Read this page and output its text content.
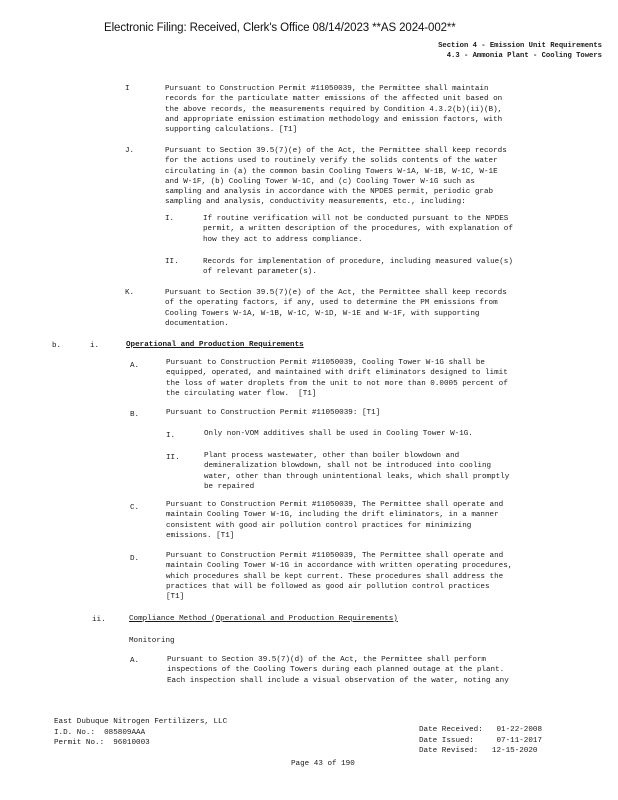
Electronic Filing: Received, Clerk's Office 08/14/2023 **AS 2024-002**
Section 4 - Emission Unit Requirements
4.3 - Ammonia Plant - Cooling Towers
I	Pursuant to Construction Permit #11050039, the Permittee shall maintain
records for the particulate matter emissions of the affected unit based on
the above records, the measurements required by Condition 4.3.2(b)(ii)(B),
and appropriate emission estimation methodology and emission factors, with
supporting calculations. [T1]
J.	Pursuant to Section 39.5(7)(e) of the Act, the Permittee shall keep records
for the actions used to routinely verify the solids contents of the water
circulating in (a) the common basin Cooling Towers W-1A, W-1B, W-1C, W-1E
and W-1F, (b) Cooling Tower W-1C, and (c) Cooling Tower W-1G such as
sampling and analysis in accordance with the NPDES permit, periodic grab
sampling and analysis, conductivity measurements, etc., including:
I.	If routine verification will not be conducted pursuant to the NPDES
permit, a written description of the procedures, with explanation of
how they act to address compliance.
II.	Records for implementation of procedure, including measured value(s)
of relevant parameter(s).
K.	Pursuant to Section 39.5(7)(e) of the Act, the Permittee shall keep records
of the operating factors, if any, used to determine the PM emissions from
Cooling Towers W-1A, W-1B, W-1C, W-1D, W-1E and W-1F, with supporting
documentation.
b.	i.	Operational and Production Requirements
A.	Pursuant to Construction Permit #11050039, Cooling Tower W-1G shall be
equipped, operated, and maintained with drift eliminators designed to limit
the loss of water droplets from the unit to not more than 0.0005 percent of
the circulating water flow.  [T1]
B.	Pursuant to Construction Permit #11050039: [T1]
I.	Only non-VOM additives shall be used in Cooling Tower W-1G.
II.	Plant process wastewater, other than boiler blowdown and
demineralization blowdown, shall not be introduced into cooling
water, other than through unintentional leaks, which shall promptly
be repaired
C.	Pursuant to Construction Permit #11050039, The Permittee shall operate and
maintain Cooling Tower W-1G, including the drift eliminators, in a manner
consistent with good air pollution control practices for minimizing
emissions. [T1]
D.	Pursuant to Construction Permit #11050039, The Permittee shall operate and
maintain Cooling Tower W-1G in accordance with written operating procedures,
which procedures shall be kept current. These procedures shall address the
practices that will be followed as good air pollution control practices
[T1]
ii.	Compliance Method (Operational and Production Requirements)
Monitoring
A.	Pursuant to Section 39.5(7)(d) of the Act, the Permittee shall perform
inspections of the Cooling Towers during each planned outage at the plant.
Each inspection shall include a visual observation of the water, noting any
East Dubuque Nitrogen Fertilizers, LLC
I.D. No.:  085809AAA
Permit No.:  96010003
Date Received:   01-22-2008
Date Issued:     07-11-2017
Date Revised:   12-15-2020
Page 43 of 190
